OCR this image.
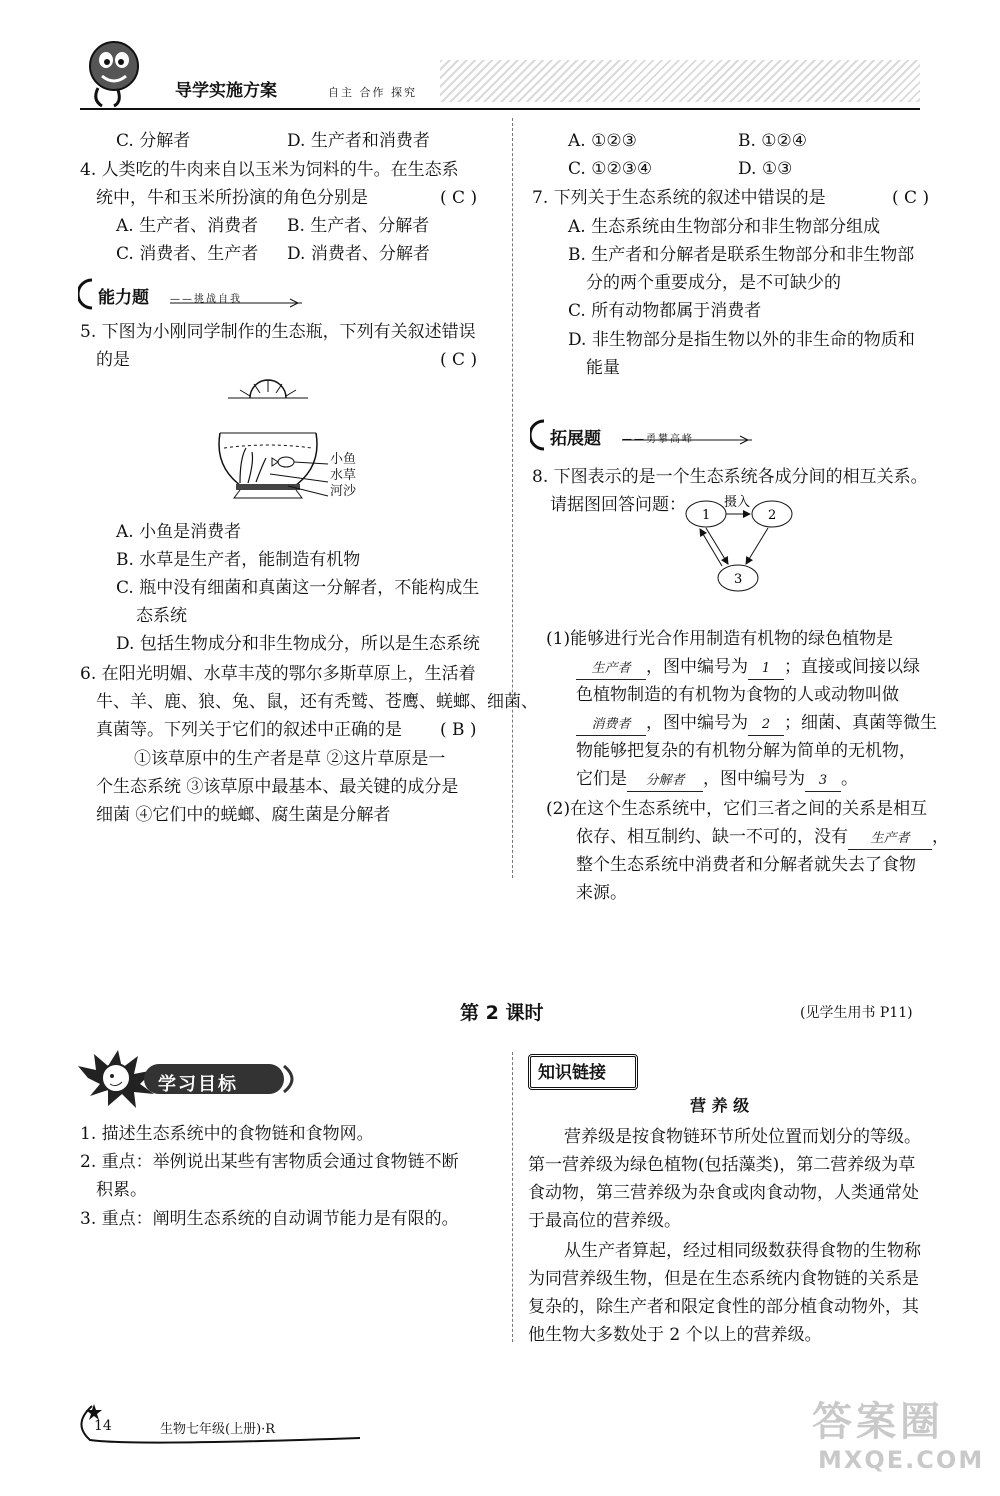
导学实施方案	自主 合作 探究
C. 分解者	D. 生产者和消费者
4. 人类吃的牛肉来自以玉米为饲料的牛。在生态系
统中，牛和玉米所扮演的角色分别是	( C )
A. 生产者、消费者 B. 生产者、分解者
C. 消费者、生产者 D. 消费者、分解者
能力题 ——挑战自我
5. 下图为小刚同学制作的生态瓶，下列有关叙述错误
的是	( C )
小鱼
水草
河沙
A. 小鱼是消费者
B. 水草是生产者，能制造有机物
C. 瓶中没有细菌和真菌这一分解者，不能构成生
态系统
D. 包括生物成分和非生物成分，所以是生态系统
6. 在阳光明媚、水草丰茂的鄂尔多斯草原上，生活着
牛、羊、鹿、狼、兔、鼠，还有秃鹫、苍鹰、蜣螂、细菌、
真菌等。下列关于它们的叙述中正确的是 ( B )
①该草原中的生产者是草 ②这片草原是一
个生态系统 ③该草原中最基本、最关键的成分是
细菌 ④它们中的蜣螂、腐生菌是分解者
A. ①②③	B. ①②④
C. ①②③④	D. ①③
7. 下列关于生态系统的叙述中错误的是	( C )
A. 生态系统由生物部分和非生物部分组成
B. 生产者和分解者是联系生物部分和非生物部
分的两个重要成分，是不可缺少的
C. 所有动物都属于消费者
D. 非生物部分是指生物以外的非生命的物质和
能量
拓展题 ——勇攀高峰
8. 下图表示的是一个生态系统各成分间的相互关系。
请据图回答问题：
1	2
3
摄入
(1)能够进行光合作用制造有机物的绿色植物是
生产者 ，图中编号为 1 ；直接或间接以绿
色植物制造的有机物为食物的人或动物叫做
消费者 ，图中编号为 2 ；细菌、真菌等微生
物能够把复杂的有机物分解为简单的无机物，
它们是 分解者 ，图中编号为 3 。
(2)在这个生态系统中，它们三者之间的关系是相互
依存、相互制约、缺一不可的，没有 生产者 ，
整个生态系统中消费者和分解者就失去了食物
来源。
第 2 课时	(见学生用书 P11)
学习目标
1. 描述生态系统中的食物链和食物网。
2. 重点：举例说出某些有害物质会通过食物链不断
积累。
3. 重点：阐明生态系统的自动调节能力是有限的。
知识链接
营 养 级
营养级是按食物链环节所处位置而划分的等级。
第一营养级为绿色植物(包括藻类)，第二营养级为草
食动物，第三营养级为杂食或肉食动物，人类通常处
于最高位的营养级。
从生产者算起，经过相同级数获得食物的生物称
为同营养级生物，但是在生态系统内食物链的关系是
复杂的，除生产者和限定食性的部分植食动物外，其
他生物大多数处于 2 个以上的营养级。
14	生物七年级(上册)·R	答案圈
MXQE.COM
